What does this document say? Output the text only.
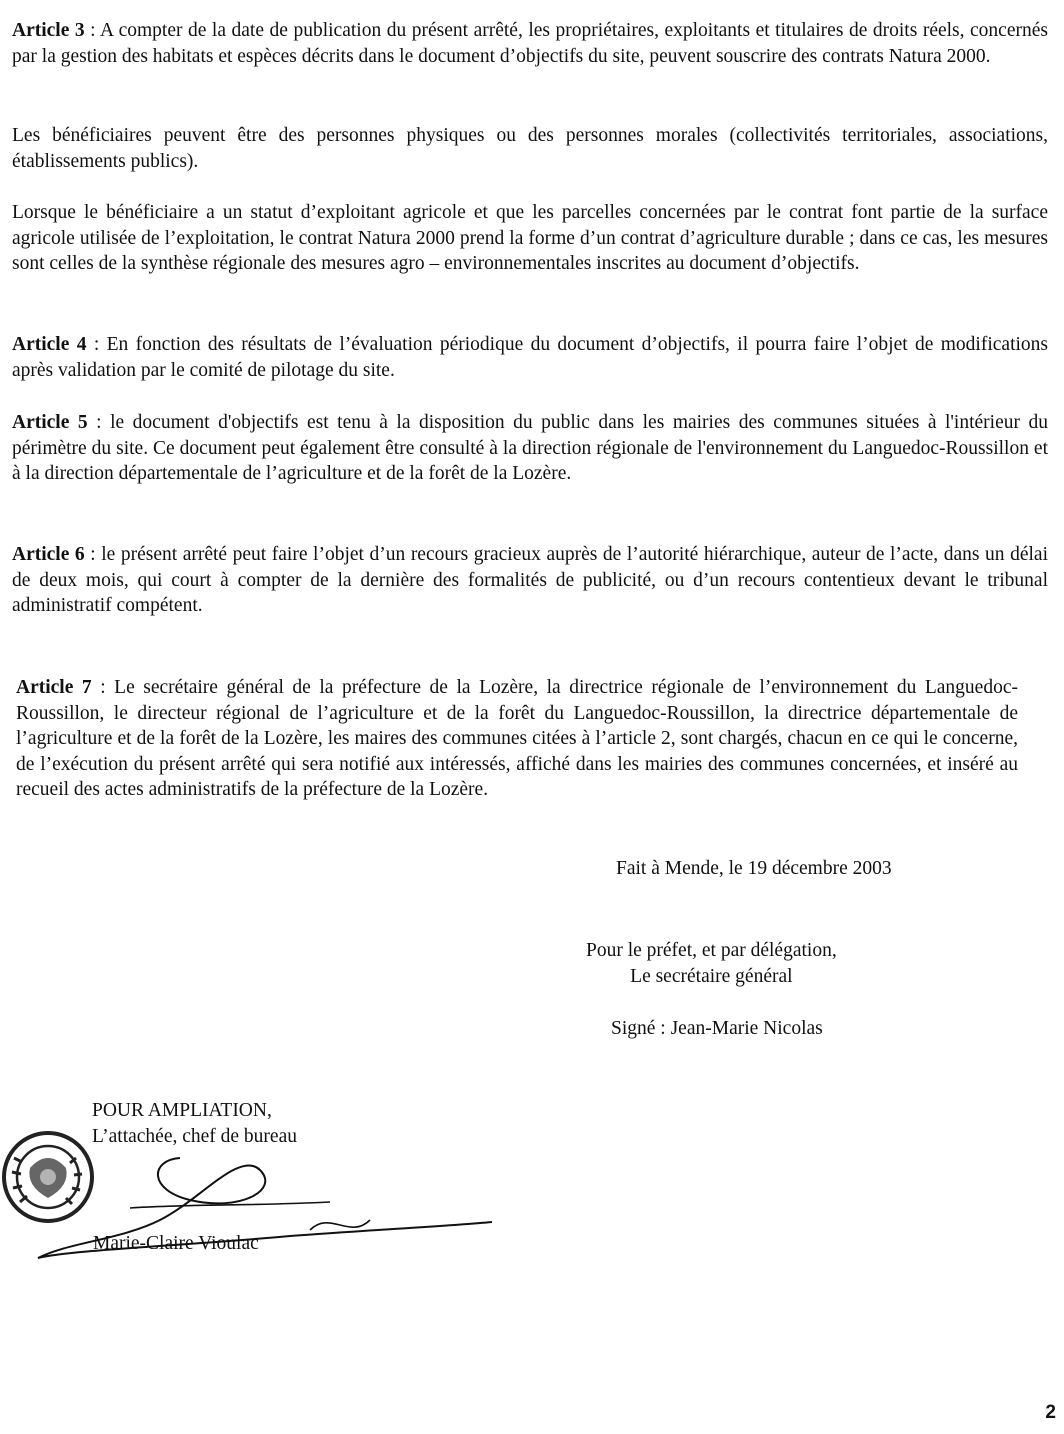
Article 3 : A compter de la date de publication du présent arrêté, les propriétaires, exploitants et titulaires de droits réels, concernés par la gestion des habitats et espèces décrits dans le document d’objectifs du site, peuvent souscrire des contrats Natura 2000.

Les bénéficiaires peuvent être des personnes physiques ou des personnes morales (collectivités territoriales, associations, établissements publics).

Lorsque le bénéficiaire a un statut d’exploitant agricole et que les parcelles concernées par le contrat font partie de la surface agricole utilisée de l’exploitation, le contrat Natura 2000 prend la forme d’un contrat d’agriculture durable ; dans ce cas, les mesures sont celles de la synthèse régionale des mesures agro – environnementales inscrites au document d’objectifs.

Article 4 : En fonction des résultats de l’évaluation périodique du document d’objectifs, il pourra faire l’objet de modifications après validation par le comité de pilotage du site.

Article 5 : le document d'objectifs est tenu à la disposition du public dans les mairies des communes situées à l'intérieur du périmètre du site. Ce document peut également être consulté à la direction régionale de l'environnement du Languedoc-Roussillon et à la direction départementale de l’agriculture et de la forêt de la Lozère.

Article 6 : le présent arrêté peut faire l’objet d’un recours gracieux auprès de l’autorité hiérarchique, auteur de l’acte, dans un délai de deux mois, qui court à compter de la dernière des formalités de publicité, ou d’un recours contentieux devant le tribunal administratif compétent.

Article 7 : Le secrétaire général de la préfecture de la Lozère, la directrice régionale de l’environnement du Languedoc-Roussillon, le directeur régional de l’agriculture et de la forêt du Languedoc-Roussillon, la directrice départementale de l’agriculture et de la forêt de la Lozère, les maires des communes citées à l’article 2, sont chargés, chacun en ce qui le concerne, de l’exécution du présent arrêté qui sera notifié aux intéressés, affiché dans les mairies des communes concernées, et inséré au recueil des actes administratifs de la préfecture de la Lozère.

Fait à Mende, le 19 décembre 2003
Pour le préfet, et par délégation,
Le secrétaire général
Signé : Jean-Marie Nicolas
POUR AMPLIATION,
L’attachée, chef de bureau
Marie-Claire Vioulac
2
